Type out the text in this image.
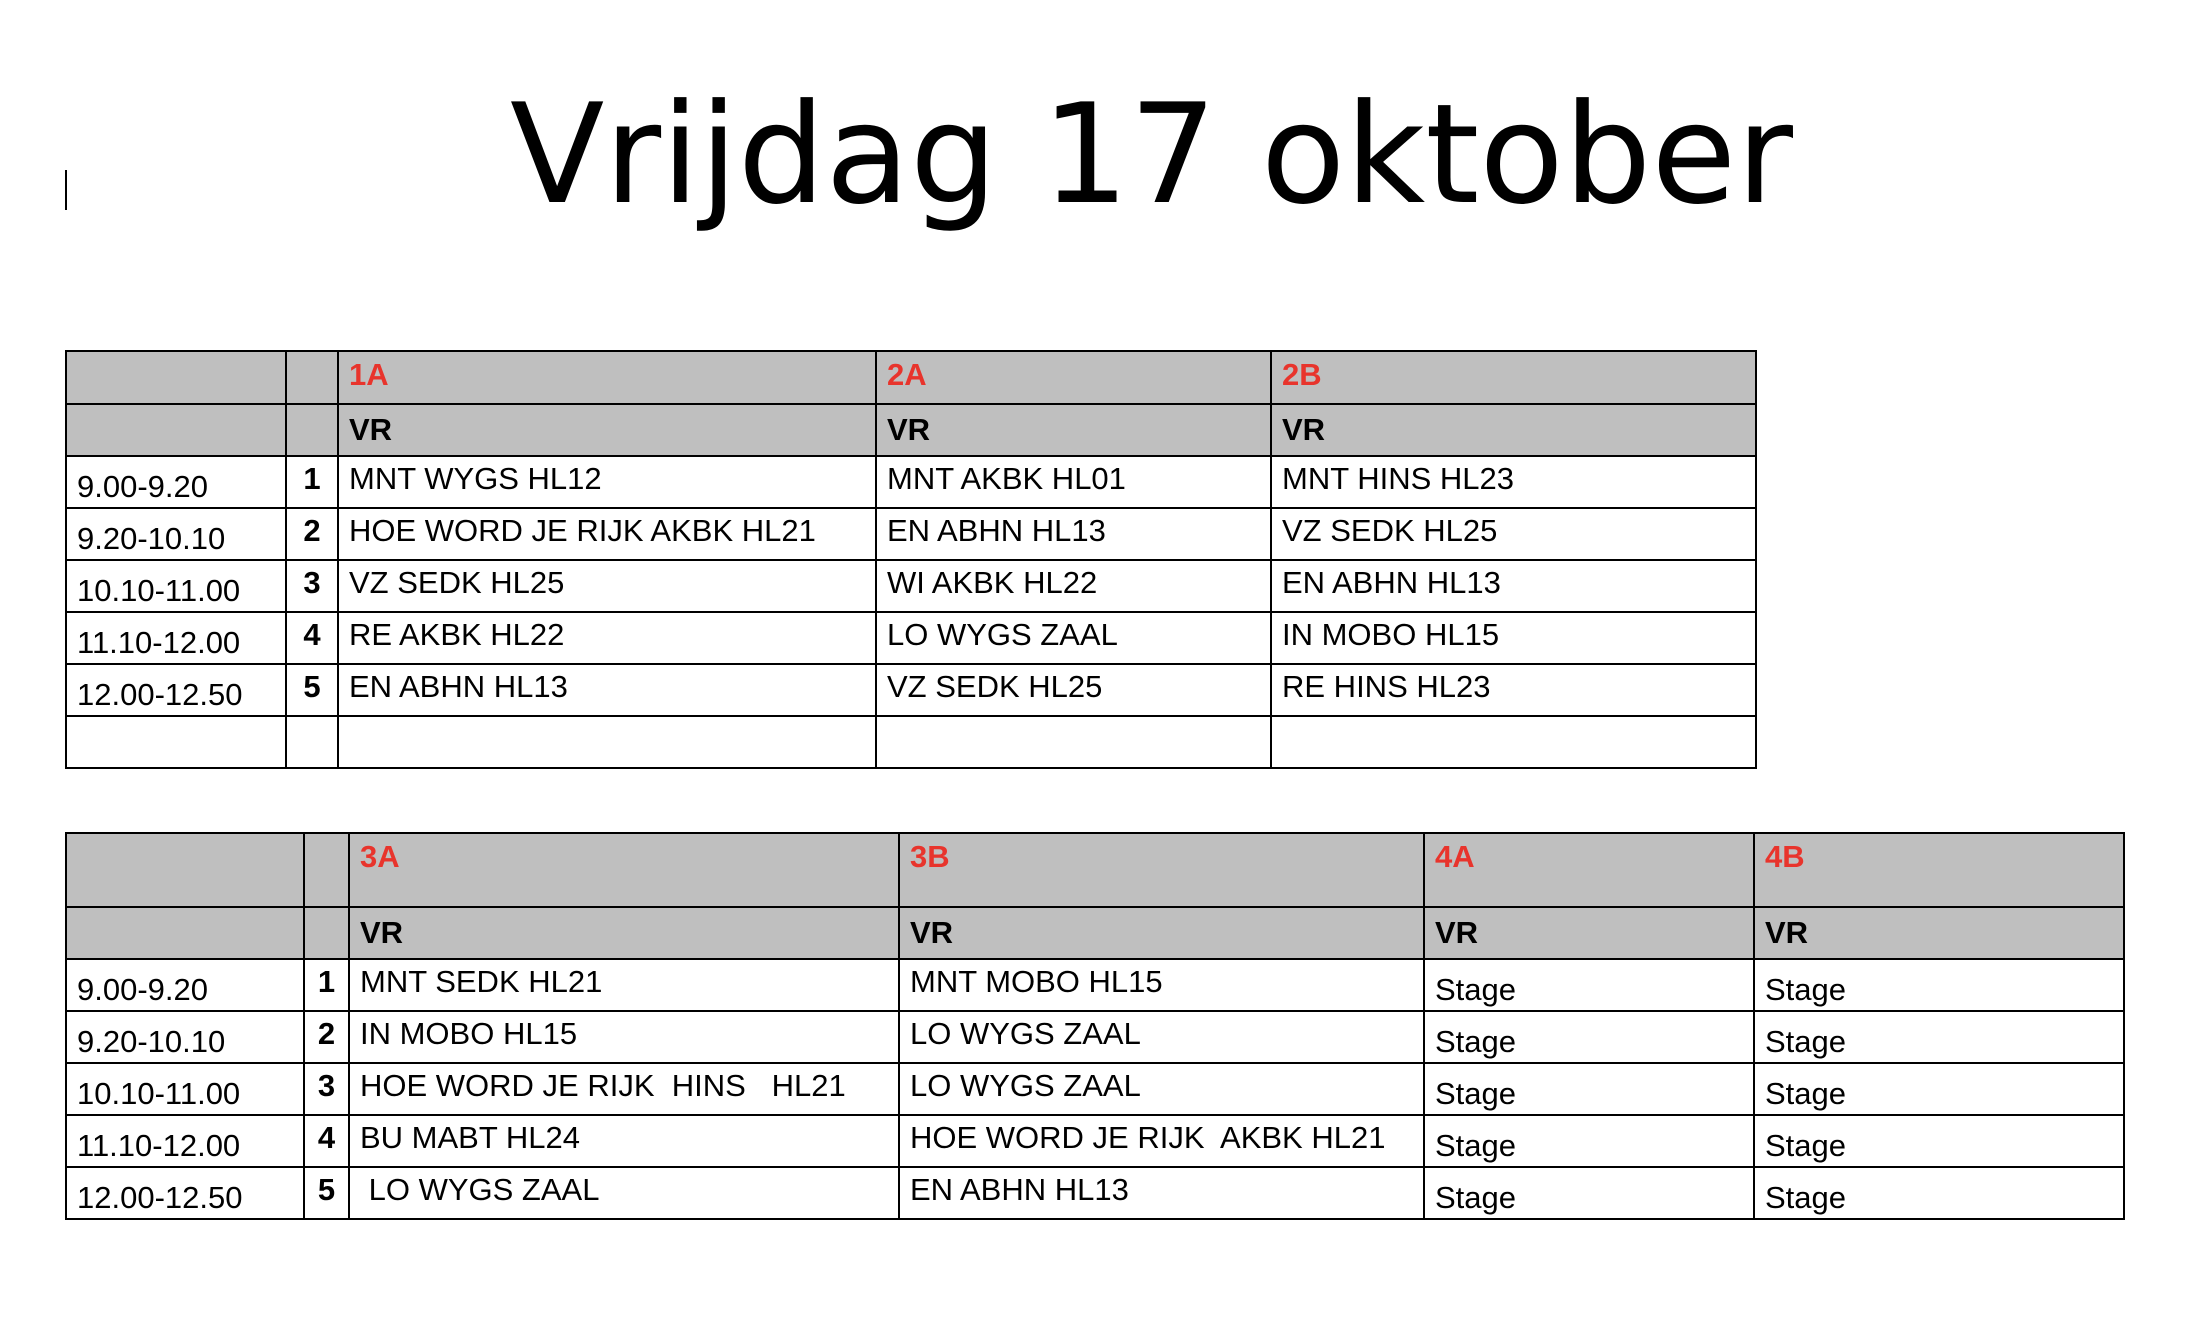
Vrijdag 17 oktober
		1A	2A	2B
		VR	VR	VR
9.00-9.20	1	MNT WYGS HL12	MNT AKBK HL01	MNT HINS HL23
9.20-10.10	2	HOE WORD JE RIJK AKBK HL21	EN ABHN HL13	VZ SEDK HL25
10.10-11.00	3	VZ SEDK HL25	WI AKBK HL22	EN ABHN HL13
11.10-12.00	4	RE AKBK HL22	LO WYGS ZAAL	IN MOBO HL15
12.00-12.50	5	EN ABHN HL13	VZ SEDK HL25	RE HINS HL23

		3A	3B	4A	4B
		VR	VR	VR	VR
9.00-9.20	1	MNT SEDK HL21	MNT MOBO HL15	Stage	Stage
9.20-10.10	2	IN MOBO HL15	LO WYGS ZAAL	Stage	Stage
10.10-11.00	3	HOE WORD JE RIJK  HINS   HL21	LO WYGS ZAAL	Stage	Stage
11.10-12.00	4	BU MABT HL24	HOE WORD JE RIJK  AKBK HL21	Stage	Stage
12.00-12.50	5	LO WYGS ZAAL	EN ABHN HL13	Stage	Stage
